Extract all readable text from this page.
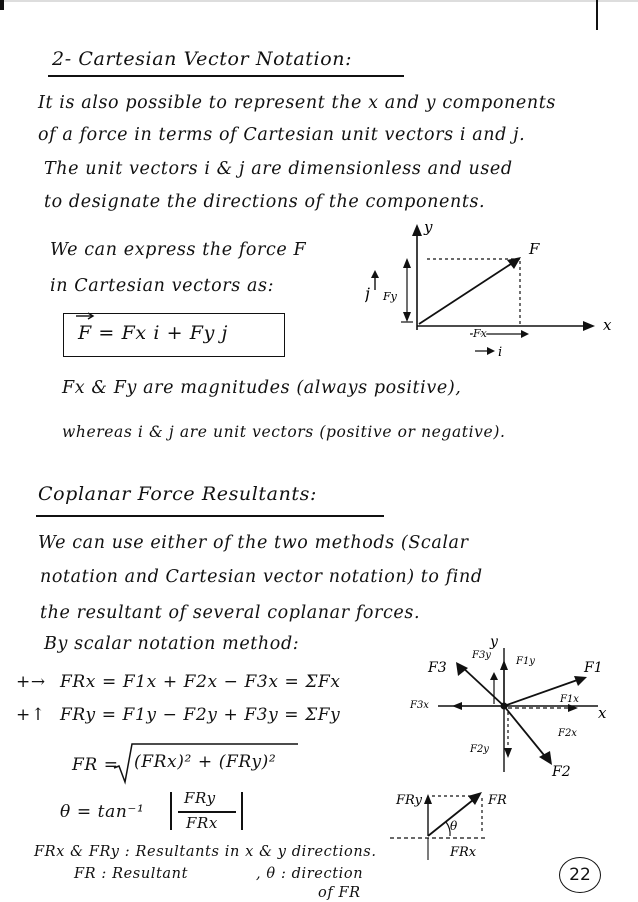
2- Cartesian Vector Notation:
It is also possible to represent the x and y components
of a force in terms of Cartesian unit vectors i and j.
The unit vectors i & j are dimensionless and used
to designate the directions of the components.
We can express the force F
in Cartesian vectors as:
F = Fx i + Fy j
y
x
F
j Fy
Fx
i
Fx & Fy are magnitudes (always positive),
whereas i & j are unit vectors (positive or negative).
Coplanar Force Resultants:
We can use either of the two methods (Scalar
notation and Cartesian vector notation) to find
the resultant of several coplanar forces.
By scalar notation method:
+→ FRx = F1x + F2x − F3x = ΣFx
+↑ FRy = F1y − F2y + F3y = ΣFy
FR = (FRx)² + (FRy)²
θ = tan⁻¹
FRy
FRx
FRx & FRy : Resultants in x & y directions.
FR : Resultant	, θ : direction
of FR
y
x
F1
F3
F2
F1y
F3y
F3x
F1x
F2x
F2y
FRy	FR
FRx
θ
22
